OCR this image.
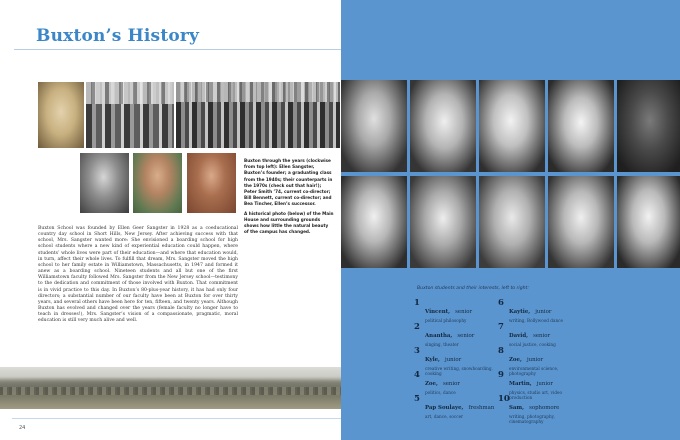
Buxton’s History

Buxton through the years (clockwise from top left): Ellen Sangster, Buxton’s founder; a graduating class from the 1940s; their counterparts in the 1970s (check out that hair!); Peter Smith ’74, current co-director; Bill Bennett, current co-director; and Bea Tincher, Ellen’s successor.

A historical photo (below) of the Main House and surrounding grounds shows how little the natural beauty of the campus has changed.

Buxton School was founded by Ellen Geer Sangster in 1928 as a coeducational country day school in Short Hills, New Jersey. After achieving success with that school, Mrs. Sangster wanted more: She envisioned a boarding school for high school students where a new kind of experiential education could happen, where students’ whole lives were part of their education—and where that education would, in turn, affect their whole lives. To fulfill that dream, Mrs. Sangster moved the high school to her family estate in Williamstown, Massachusetts, in 1947 and formed it anew as a boarding school. Nineteen students and all but one of the first Williamstown faculty followed Mrs. Sangster from the New Jersey school—testimony to the dedication and commitment of those involved with Buxton. That commitment is in vivid practice to this day. In Buxton’s 80-plus-year history, it has had only four directors; a substantial number of our faculty have been at Buxton for over thirty years, and several others have been here for ten, fifteen, and twenty years. Although Buxton has evolved and changed over the years (female faculty no longer have to teach in dresses!), Mrs. Sangster’s vision of a compassionate, pragmatic, moral education is still very much alive and well.

24
Buxton students and their interests, left to right:
1
Vincent, senior
political philosophy
2
Anantha, senior
singing, theater
3
Kyle, junior
creative writing, snowboarding, cooking
4
Zoe, senior
politics, dance
5
Pap Soulaye, freshman
art, dance, soccer
6
Kaytie, junior
writing, Bollywood dance
7
David, senior
social justice, cooking
8
Zoe, junior
environmental science, photography
9
Martin, junior
physics, studio art, video production
10
Sam, sophomore
writing, photography, cinematography
